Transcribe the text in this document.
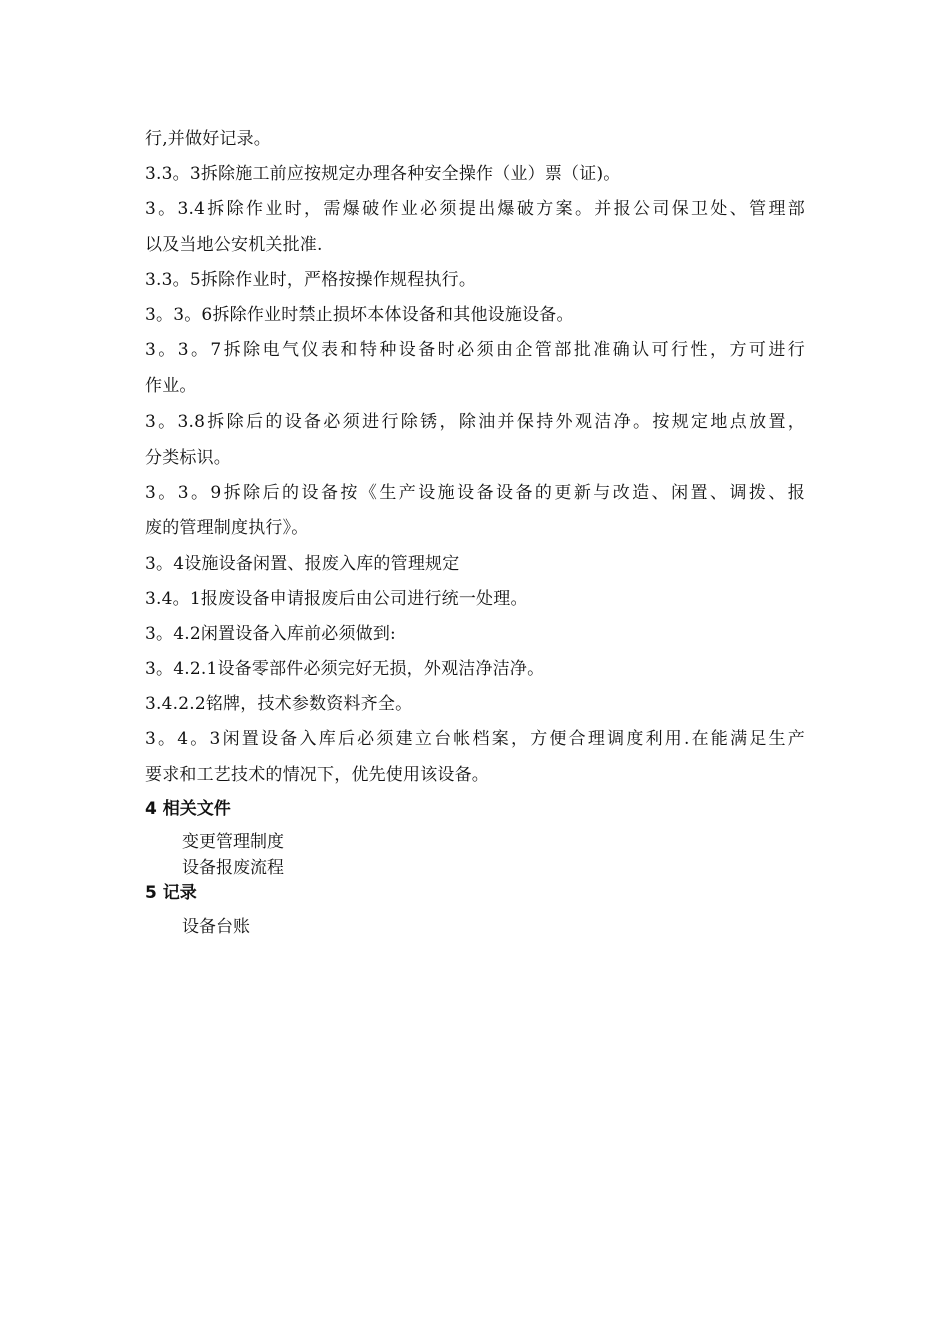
行,并做好记录。
3.3。3拆除施工前应按规定办理各种安全操作（业）票（证)。
3。3.4拆除作业时，需爆破作业必须提出爆破方案。并报公司保卫处、管理部
以及当地公安机关批准.
3.3。5拆除作业时，严格按操作规程执行。
3。3。6拆除作业时禁止损坏本体设备和其他设施设备。
3。3。7拆除电气仪表和特种设备时必须由企管部批准确认可行性，方可进行
作业。
3。3.8拆除后的设备必须进行除锈，除油并保持外观洁净。按规定地点放置，
分类标识。
3。3。9拆除后的设备按《生产设施设备设备的更新与改造、闲置、调拨、报
废的管理制度执行》。
3。4设施设备闲置、报废入库的管理规定
3.4。1报废设备申请报废后由公司进行统一处理。
3。4.2闲置设备入库前必须做到:
3。4.2.1设备零部件必须完好无损，外观洁净洁净。
3.4.2.2铭牌，技术参数资料齐全。
3。4。3闲置设备入库后必须建立台帐档案，方便合理调度利用.在能满足生产
要求和工艺技术的情况下，优先使用该设备。
4 相关文件
变更管理制度
设备报废流程
5 记录
设备台账
